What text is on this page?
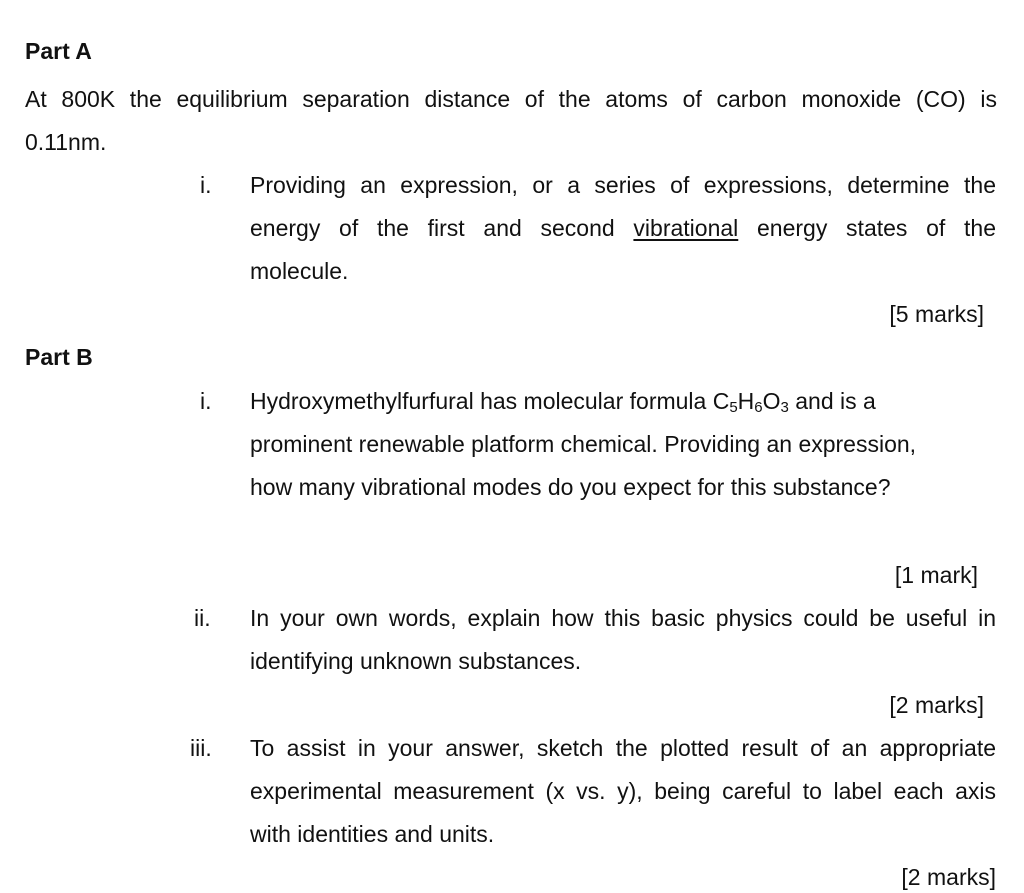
Part A
At 800K the equilibrium separation distance of the atoms of carbon monoxide (CO) is
0.11nm.
i. Providing an expression, or a series of expressions, determine the
energy of the first and second vibrational energy states of the
molecule.
[5 marks]
Part B
i. Hydroxymethylfurfural has molecular formula $C_5H_6O_3$ and is a
prominent renewable platform chemical. Providing an expression,
how many vibrational modes do you expect for this substance?
[1 mark]
ii. In your own words, explain how this basic physics could be useful in
identifying unknown substances.
[2 marks]
iii. To assist in your answer, sketch the plotted result of an appropriate
experimental measurement (x vs. y), being careful to label each axis
with identities and units.
[2 marks]
